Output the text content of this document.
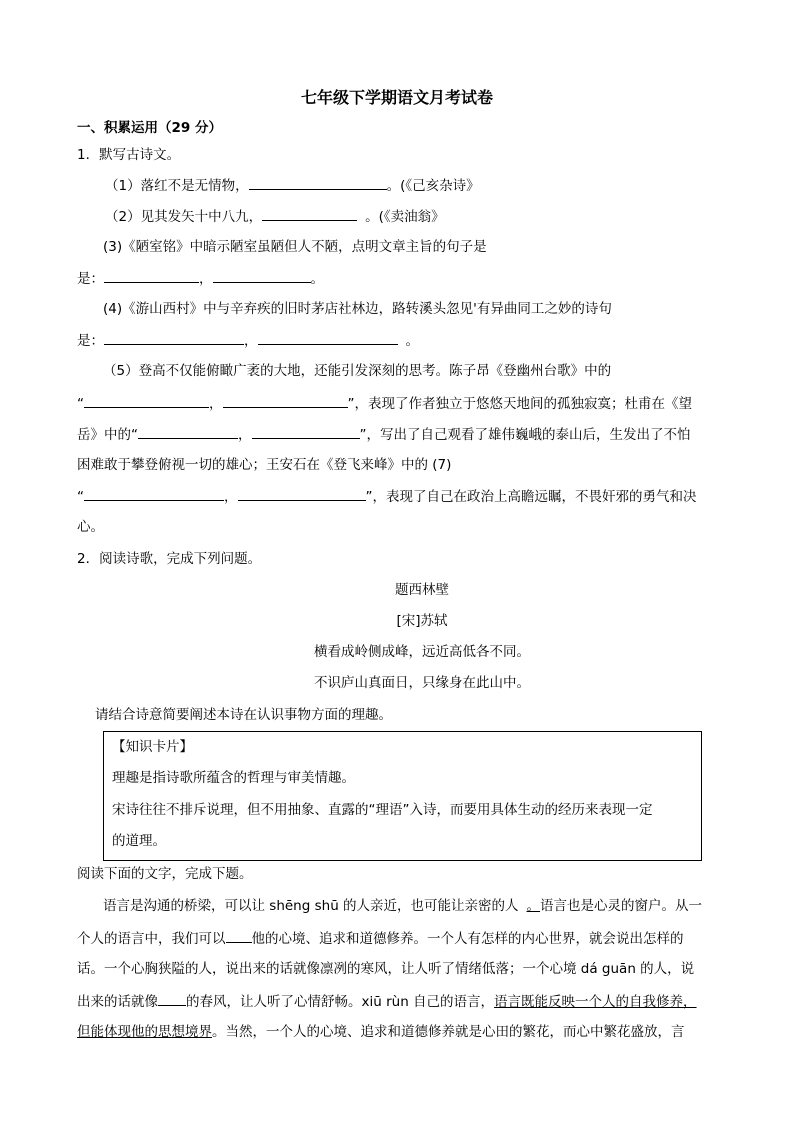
七年级下学期语文月考试卷
一、积累运用（29 分）
1．默写古诗文。
（1）落红不是无情物，	。(《己亥杂诗》
（2）见其发矢十中八九，	。(《卖油翁》
(3)《陋室铭》中暗示陋室虽陋但人不陋，点明文章主旨的句子是
是：	，	。
(4)《游山西村》中与辛弃疾的旧时茅店社林边，路转溪头忽见'有异曲同工之妙的诗句
是：	，	。
（5）登高不仅能俯瞰广袤的大地，还能引发深刻的思考。陈子昂《登幽州台歌》中的
“	，	”，表现了作者独立于悠悠天地间的孤独寂寞；杜甫在《望
岳》中的“	，	”，写出了自己观看了雄伟巍峨的泰山后，生发出了不怕
困难敢于攀登俯视一切的雄心；王安石在《登飞来峰》中的 (7)
“	，	”，表现了自己在政治上高瞻远瞩，不畏奸邪的勇气和决
心。
2．阅读诗歌，完成下列问题。
题西林壁
[宋]苏轼
横看成岭侧成峰，远近高低各不同。
不识庐山真面日，只缘身在此山中。
请结合诗意简要阐述本诗在认识事物方面的理趣。
【知识卡片】
理趣是指诗歌所蕴含的哲理与审美情趣。
宋诗往往不排斥说理，但不用抽象、直露的“理语”入诗，而要用具体生动的经历来表现一定
的道理。
阅读下面的文字，完成下题。
语言是沟通的桥梁，可以让 shēng shū 的人亲近，也可能让亲密的人 。语言也是心灵的窗户。从一
个人的语言中，我们可以 他的心境、追求和道德修养。一个人有怎样的内心世界，就会说出怎样的
话。一个心胸狭隘的人，说出来的话就像凛冽的寒风，让人听了情绪低落；一个心境 dá guān 的人，说
出来的话就像 的春风，让人听了心情舒畅。xiū rùn 自己的语言，语言既能反映一个人的自我修养，
但能体现他的思想境界。当然，一个人的心境、追求和道德修养就是心田的繁花，而心中繁花盛放，言
